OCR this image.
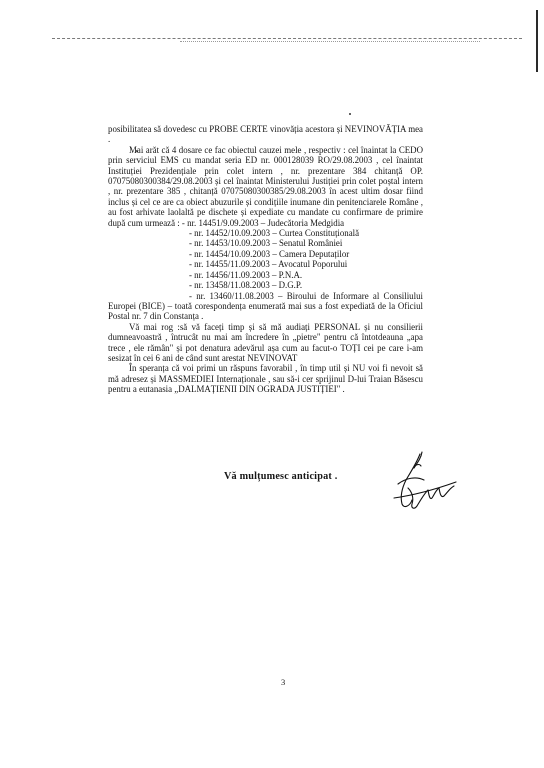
posibilitatea să dovedesc cu PROBE CERTE vinovăția acestora și NEVINOVĂȚIA mea .

Mai arăt că 4 dosare ce fac obiectul cauzei mele , respectiv : cel înaintat la CEDO prin serviciul EMS cu mandat seria ED nr. 000128039 RO/29.08.2003 , cel înaintat Instituției Prezidențiale prin colet intern , nr. prezentare 384 chitanță OP. 07075080300384/29.08.2003 și cel înaintat Ministerului Justiției prin colet poștal intern , nr. prezentare 385 , chitanță 07075080300385/29.08.2003 în acest ultim dosar fiind inclus și cel ce are ca obiect abuzurile și condițiile inumane din penitenciarele Române , au fost arhivate laolaltă pe dischete și expediate cu mandate cu confirmare de primire după cum urmează : - nr. 14451/9.09.2003 – Judecătoria Medgidia

- nr. 14452/10.09.2003 – Curtea Constituțională
- nr. 14453/10.09.2003 – Senatul României
- nr. 14454/10.09.2003 – Camera Deputaților
- nr. 14455/11.09.2003 – Avocatul Poporului
- nr. 14456/11.09.2003 – P.N.A.
- nr. 13458/11.08.2003 – D.G.P.
- nr. 13460/11.08.2003 – Biroului de Informare al Consiliului Europei (BICE) – toată corespondența enumerată mai sus a fost expediată de la Oficiul Postal nr. 7 din Constanța .

Vă mai rog :să vă faceți timp și să mă audiați PERSONAL și nu consilierii dumneavoastră , întrucât nu mai am încredere în „pietre" pentru că întotdeauna „apa trece , ele rămân" și pot denatura adevărul așa cum au facut-o TOȚI cei pe care i-am sesizat în cei 6 ani de când sunt arestat NEVINOVAT

În speranța că voi primi un răspuns favorabil , în timp util și NU voi fi nevoit să mă adresez și MASSMEDIEI Internaționale , sau să-i cer sprijinul D-lui Traian Băsescu pentru a eutanasia „DALMAȚIENII DIN OGRADA JUSTIȚIEI" .

Vă mulțumesc anticipat .
3
